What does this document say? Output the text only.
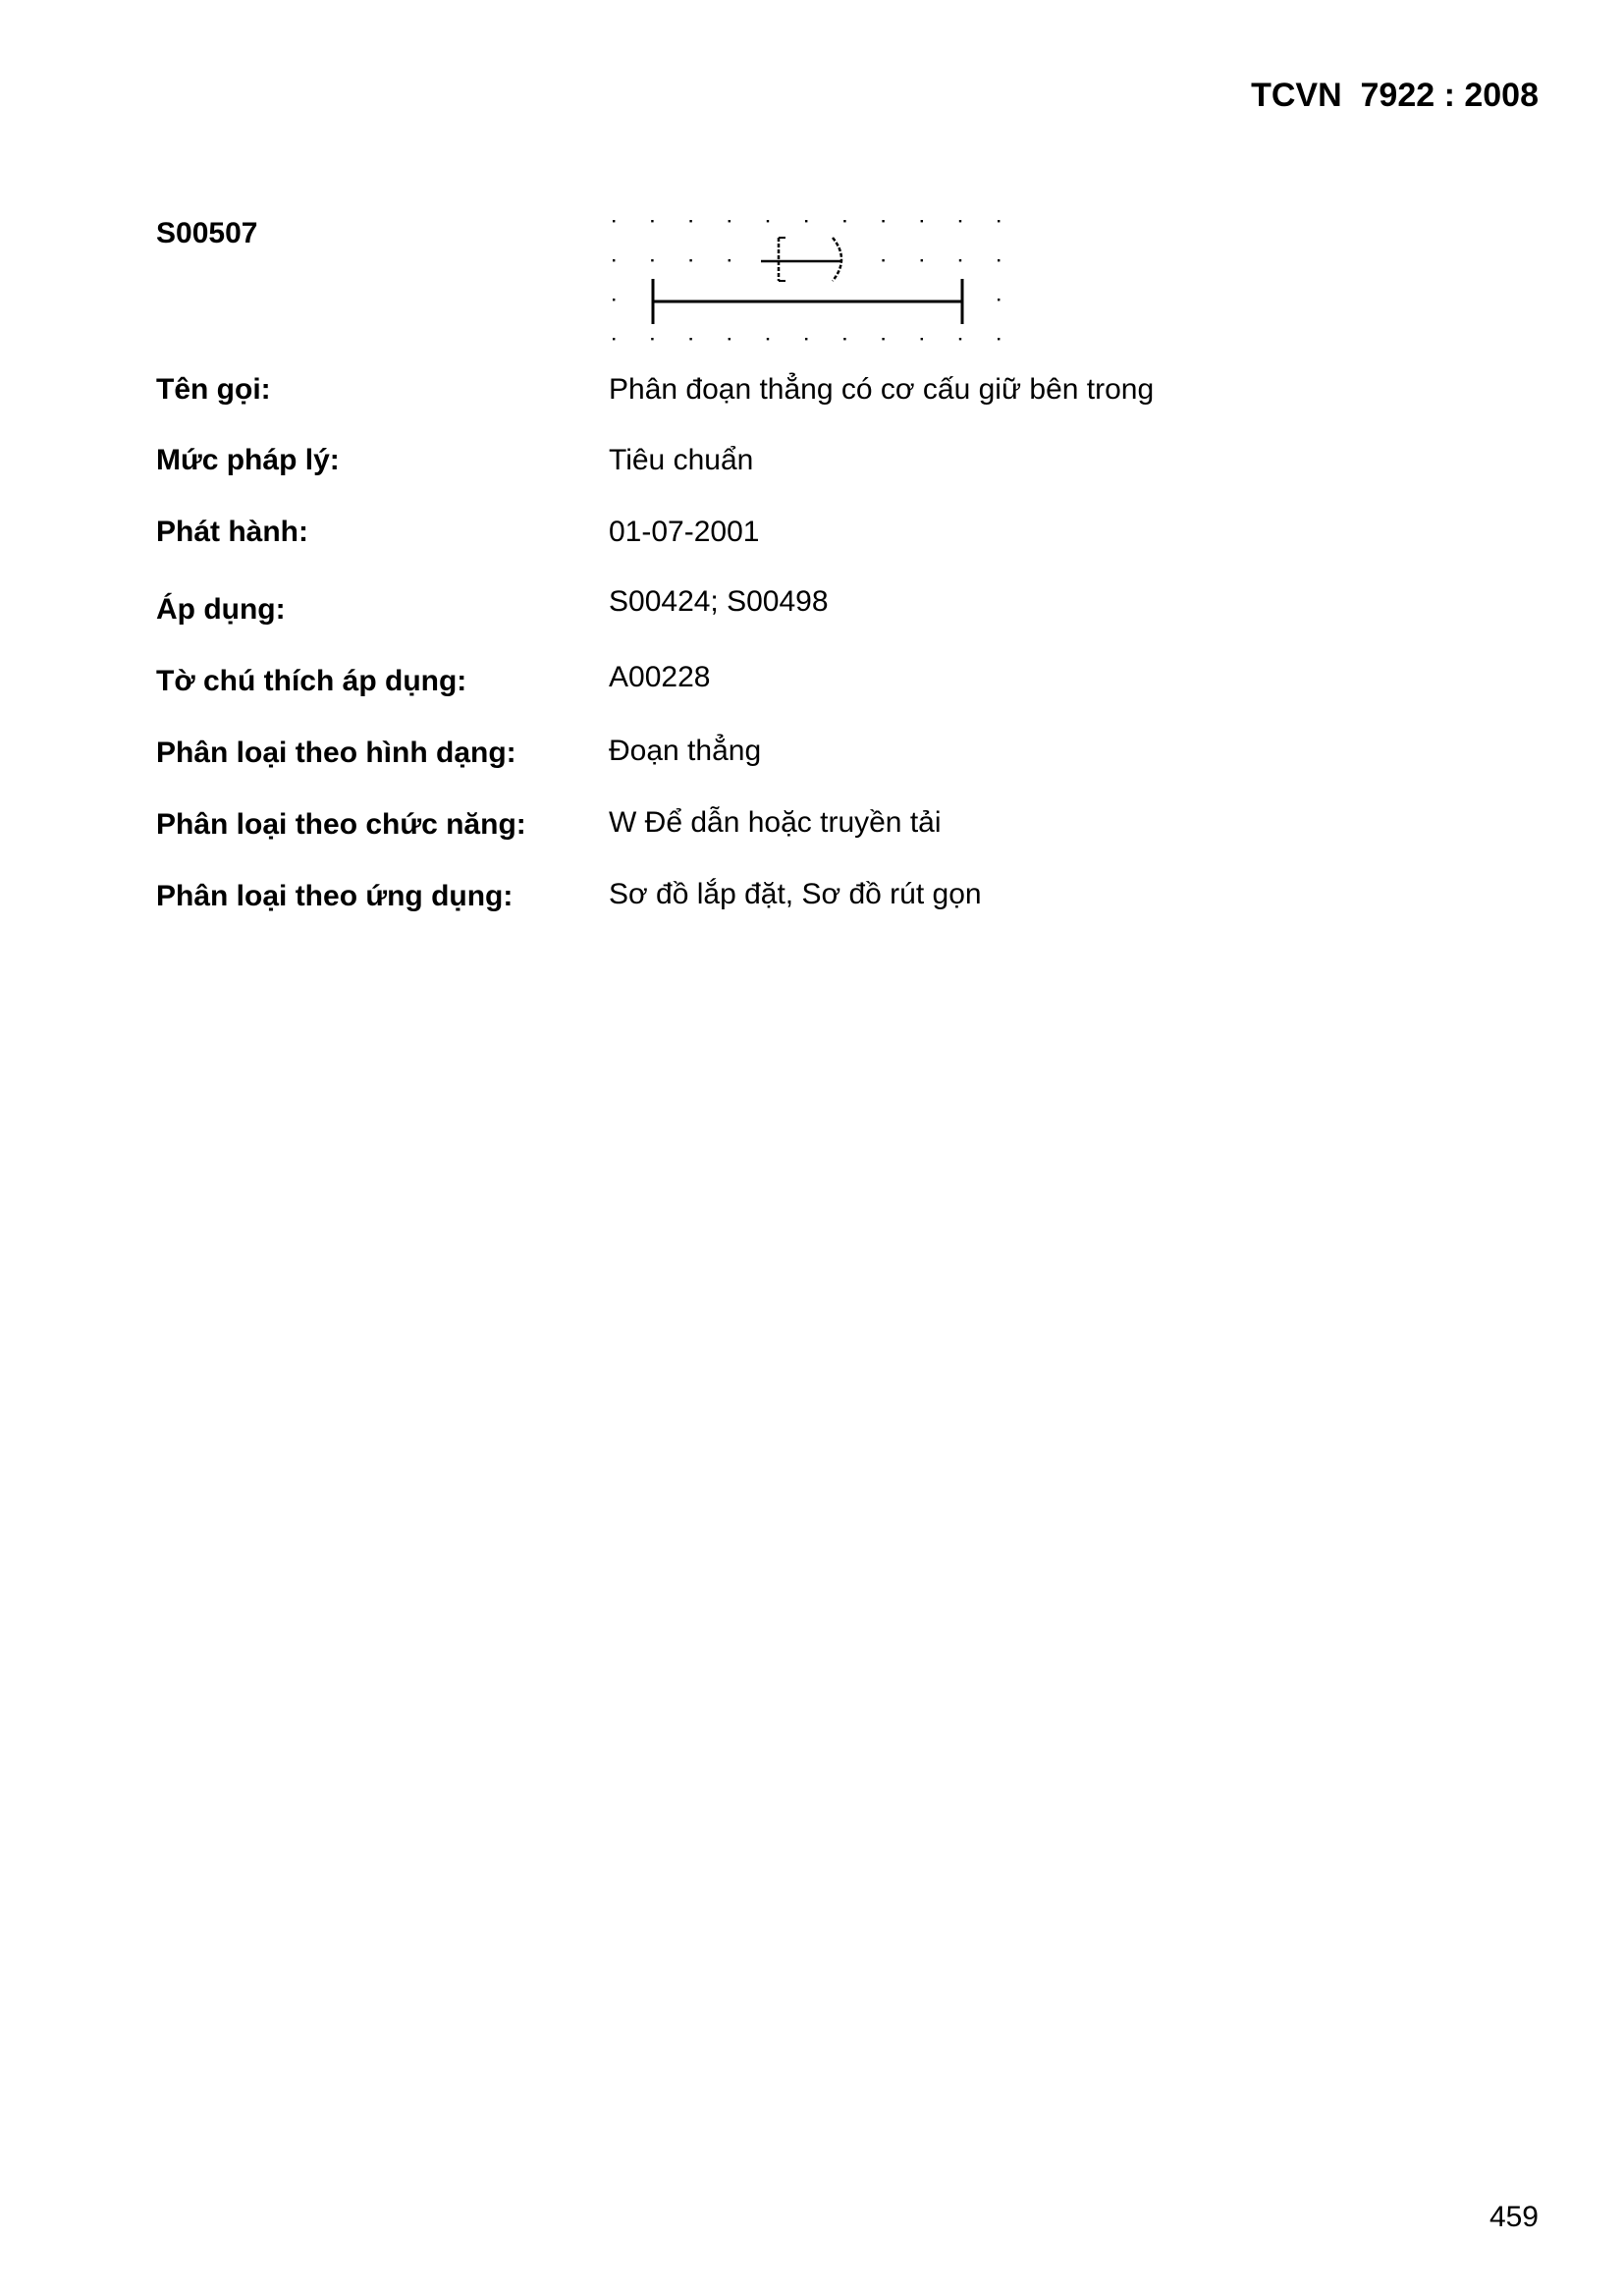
TCVN  7922 : 2008
S00507
Tên gọi:	Phân đoạn thẳng có cơ cấu giữ bên trong
Mức pháp lý:	Tiêu chuẩn
Phát hành:	01-07-2001
Áp dụng:	S00424; S00498
Tờ chú thích áp dụng:	A00228
Phân loại theo hình dạng:	Đoạn thẳng
Phân loại theo chức năng:	W Để dẫn hoặc truyền tải
Phân loại theo ứng dụng:	Sơ đồ lắp đặt, Sơ đồ rút gọn
459
